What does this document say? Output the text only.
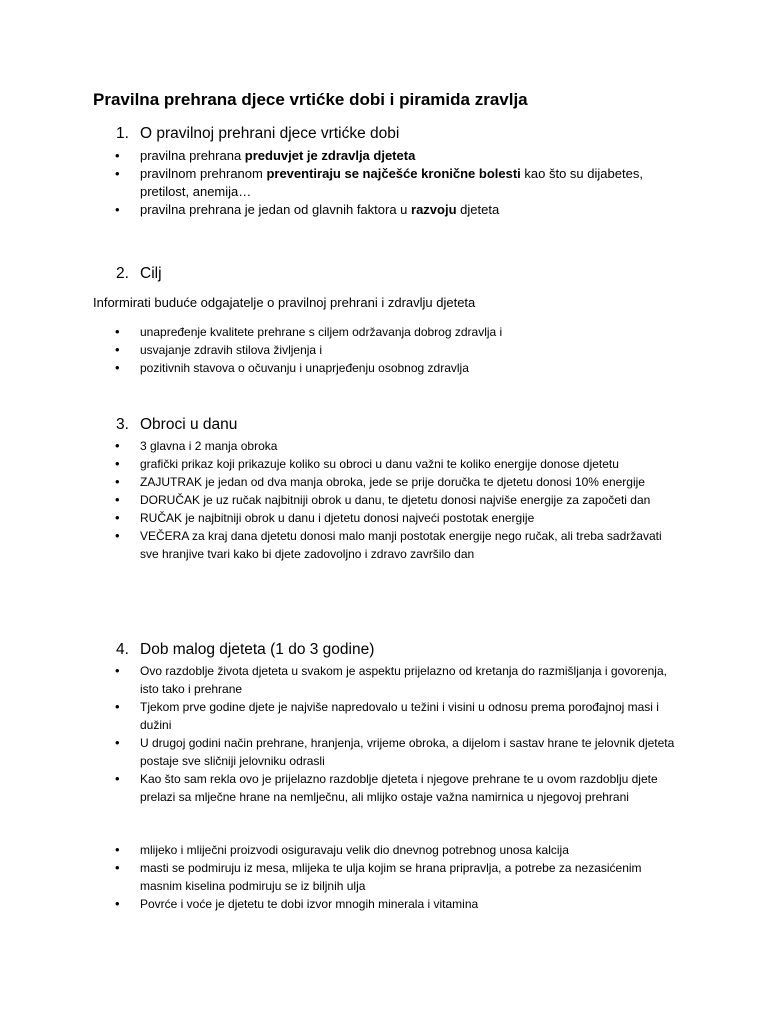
Pravilna prehrana djece vrtićke dobi i piramida zravlja
1. O pravilnoj prehrani djece vrtićke dobi
• pravilna prehrana preduvjet je zdravlja djeteta
• pravilnom prehranom preventiraju se najčešće kronične bolesti kao što su dijabetes,
pretilost, anemija…
• pravilna prehrana je jedan od glavnih faktora u razvoju djeteta
2. Cilj

Informirati buduće odgajatelje o pravilnoj prehrani i zdravlju djeteta

• unapređenje kvalitete prehrane s ciljem održavanja dobrog zdravlja i
• usvajanje zdravih stilova življenja i
• pozitivnih stavova o očuvanju i unaprjeđenju osobnog zdravlja
3. Obroci u danu
• 3 glavna i 2 manja obroka
• grafički prikaz koji prikazuje koliko su obroci u danu važni te koliko energije donose djetetu
• ZAJUTRAK je jedan od dva manja obroka, jede se prije doručka te djetetu donosi 10% energije
• DORUČAK je uz ručak najbitniji obrok u danu, te djetetu donosi najviše energije za započeti dan
• RUČAK je najbitniji obrok u danu i djetetu donosi najveći postotak energije
• VEČERA za kraj dana djetetu donosi malo manji postotak energije nego ručak, ali treba sadržavati sve hranjive tvari kako bi djete zadovoljno i zdravo završilo dan
4. Dob malog djeteta (1 do 3 godine)
• Ovo razdoblje života djeteta u svakom je aspektu prijelazno od kretanja do razmišljanja i govorenja, isto tako i prehrane
• Tjekom prve godine djete je najviše napredovalo u težini i visini u odnosu prema porođajnoj masi i dužini
• U drugoj godini način prehrane, hranjenja, vrijeme obroka, a dijelom i sastav hrane te jelovnik djeteta postaje sve sličniji jelovniku odrasli
• Kao što sam rekla ovo je prijelazno razdoblje djeteta i njegove prehrane te u ovom razdoblju djete prelazi sa mlječne hrane na nemlječnu, ali mlijko ostaje važna namirnica u njegovoj prehrani
• mlijeko i mliječni proizvodi osiguravaju velik dio dnevnog potrebnog unosa kalcija
• masti se podmiruju iz mesa, mlijeka te ulja kojim se hrana pripravlja, a potrebe za nezasićenim masnim kiselina podmiruju se iz biljnih ulja
• Povrće i voće je djetetu te dobi izvor mnogih minerala i vitamina
